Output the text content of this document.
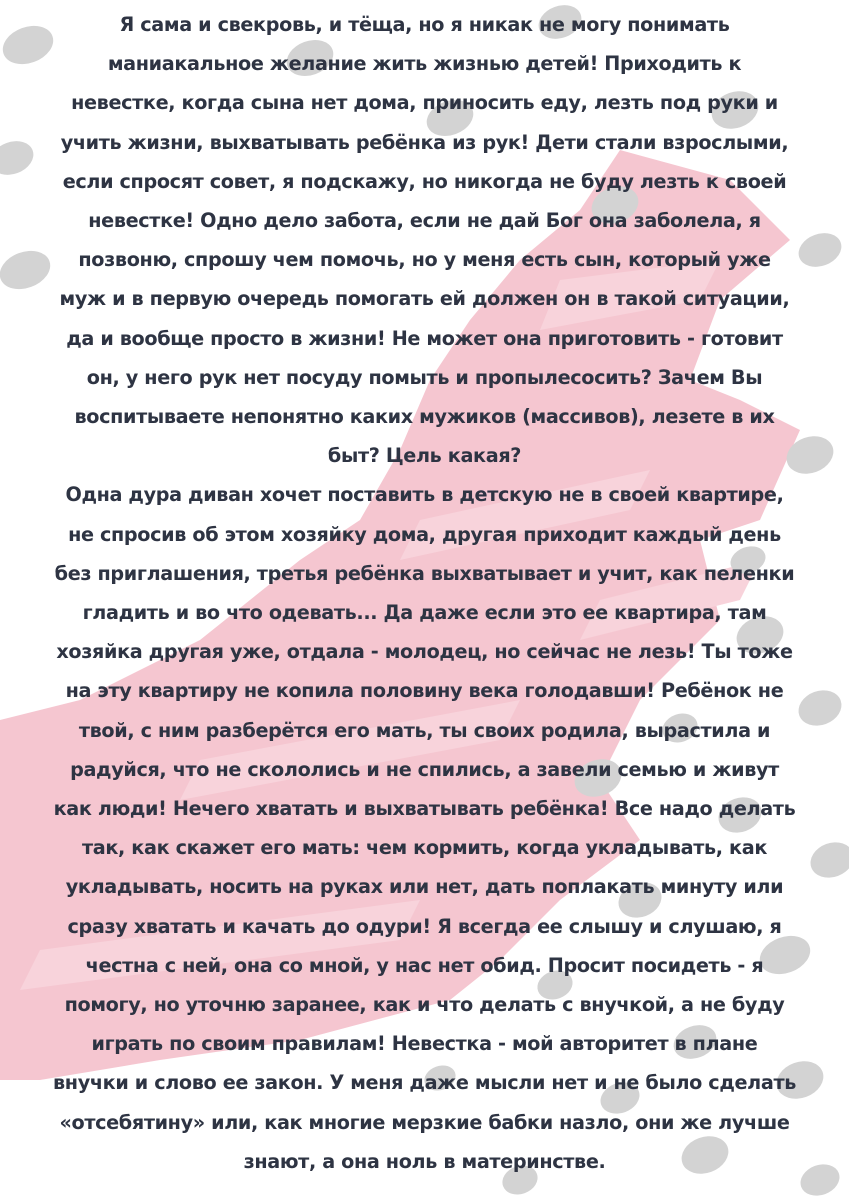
Я сама и свекровь, и тёща, но я никак не могу понимать
маниакальное желание жить жизнью детей! Приходить к
невестке, когда сына нет дома, приносить еду, лезть под руки и
учить жизни, выхватывать ребёнка из рук! Дети стали взрослыми,
если спросят совет, я подскажу, но никогда не буду лезть к своей
невестке! Одно дело забота, если не дай Бог она заболела, я
позвоню, спрошу чем помочь, но у меня есть сын, который уже
муж и в первую очередь помогать ей должен он в такой ситуации,
да и вообще просто в жизни! Не может она приготовить - готовит
он, у него рук нет посуду помыть и пропылесосить? Зачем Вы
воспитываете непонятно каких мужиков (массивов), лезете в их
быт? Цель какая?
Одна дура диван хочет поставить в детскую не в своей квартире,
не спросив об этом хозяйку дома, другая приходит каждый день
без приглашения, третья ребёнка выхватывает и учит, как пеленки
гладить и во что одевать... Да даже если это ее квартира, там
хозяйка другая уже, отдала - молодец, но сейчас не лезь! Ты тоже
на эту квартиру не копила половину века голодавши! Ребёнок не
твой, с ним разберётся его мать, ты своих родила, вырастила и
радуйся, что не скололись и не спились, а завели семью и живут
как люди! Нечего хватать и выхватывать ребёнка! Все надо делать
так, как скажет его мать: чем кормить, когда укладывать, как
укладывать, носить на руках или нет, дать поплакать минуту или
сразу хватать и качать до одури! Я всегда ее слышу и слушаю, я
честна с ней, она со мной, у нас нет обид. Просит посидеть - я
помогу, но уточню заранее, как и что делать с внучкой, а не буду
играть по своим правилам! Невестка - мой авторитет в плане
внучки и слово ее закон. У меня даже мысли нет и не было сделать
«отсебятину» или, как многие мерзкие бабки назло, они же лучше
знают, а она ноль в материнстве.
